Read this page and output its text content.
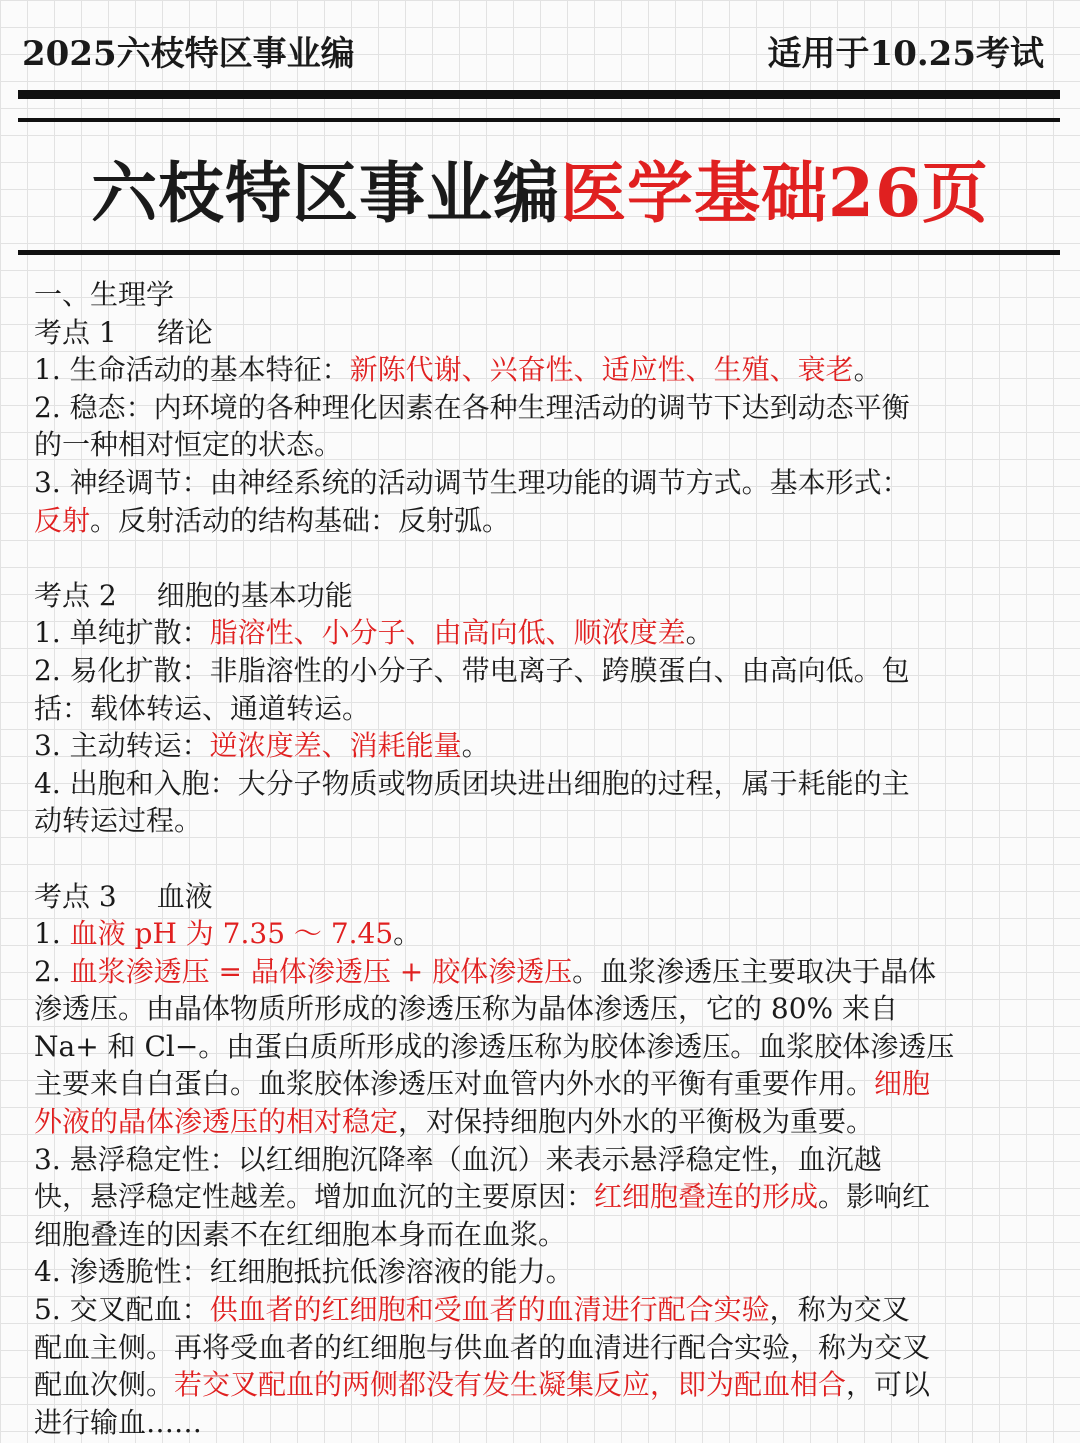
2025六枝特区事业编	适用于10.25考试
六枝特区事业编医学基础26页
一、生理学
考点 1 绪论
1. 生命活动的基本特征：新陈代谢、兴奋性、适应性、生殖、衰老。
2. 稳态：内环境的各种理化因素在各种生理活动的调节下达到动态平衡
的一种相对恒定的状态。
3. 神经调节：由神经系统的活动调节生理功能的调节方式。基本形式：
反射。反射活动的结构基础：反射弧。
考点 2 细胞的基本功能
1. 单纯扩散：脂溶性、小分子、由高向低、顺浓度差。
2. 易化扩散：非脂溶性的小分子、带电离子、跨膜蛋白、由高向低。包
括：载体转运、通道转运。
3. 主动转运：逆浓度差、消耗能量。
4. 出胞和入胞：大分子物质或物质团块进出细胞的过程，属于耗能的主
动转运过程。
考点 3 血液
1. 血液 pH 为 7.35 ～ 7.45。
2. 血浆渗透压 = 晶体渗透压 + 胶体渗透压。血浆渗透压主要取决于晶体
渗透压。由晶体物质所形成的渗透压称为晶体渗透压，它的 80% 来自
Na+ 和 Cl−。由蛋白质所形成的渗透压称为胶体渗透压。血浆胶体渗透压
主要来自白蛋白。血浆胶体渗透压对血管内外水的平衡有重要作用。细胞
外液的晶体渗透压的相对稳定，对保持细胞内外水的平衡极为重要。
3. 悬浮稳定性：以红细胞沉降率（血沉）来表示悬浮稳定性，血沉越
快，悬浮稳定性越差。增加血沉的主要原因：红细胞叠连的形成。影响红
细胞叠连的因素不在红细胞本身而在血浆。
4. 渗透脆性：红细胞抵抗低渗溶液的能力。
5. 交叉配血：供血者的红细胞和受血者的血清进行配合实验，称为交叉
配血主侧。再将受血者的红细胞与供血者的血清进行配合实验，称为交叉
配血次侧。若交叉配血的两侧都没有发生凝集反应，即为配血相合，可以
进行输血……
